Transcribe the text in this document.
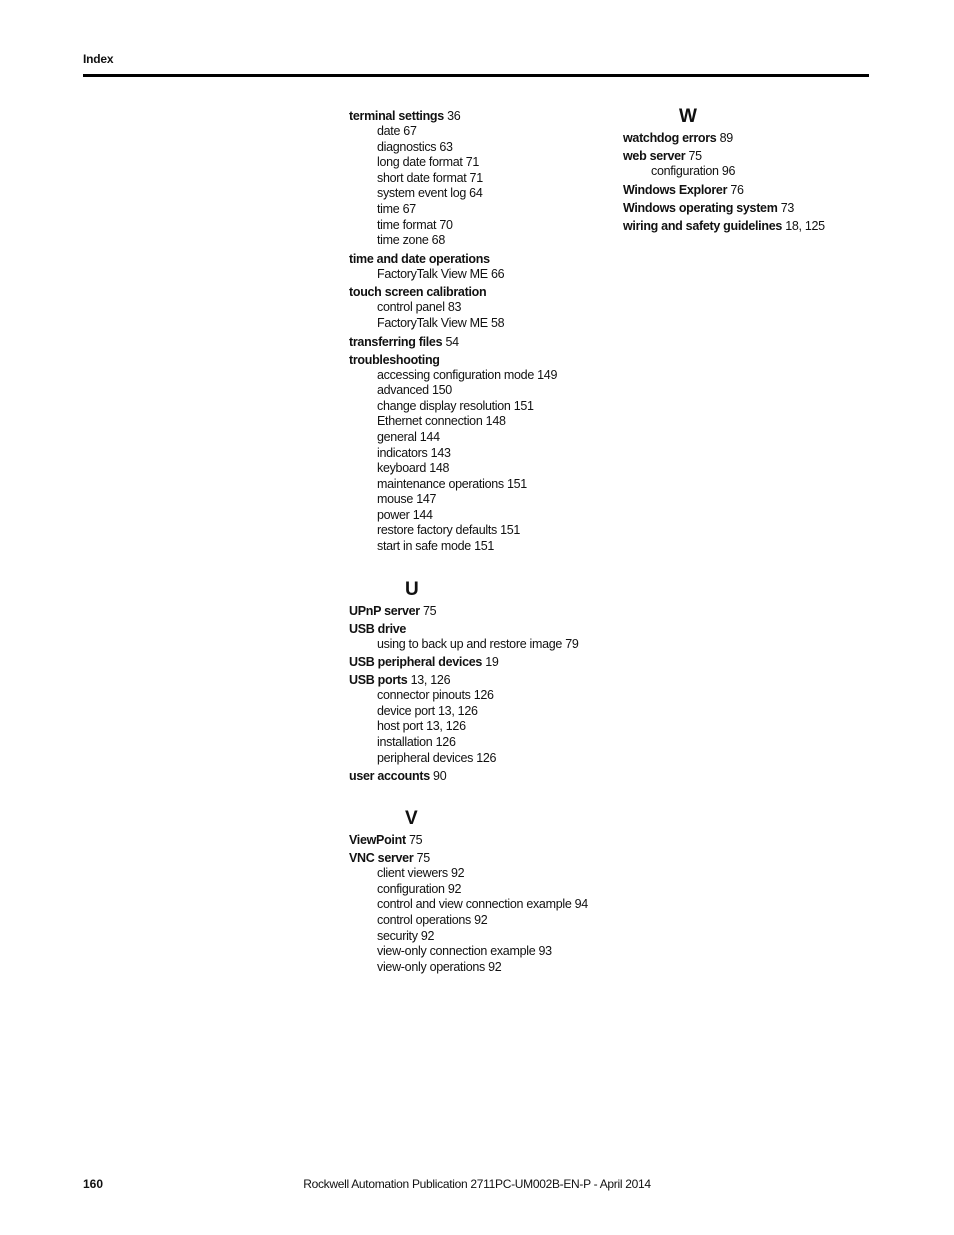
Index
terminal settings 36
date 67
diagnostics 63
long date format 71
short date format 71
system event log 64
time 67
time format 70
time zone 68
time and date operations
FactoryTalk View ME 66
touch screen calibration
control panel 83
FactoryTalk View ME 58
transferring files 54
troubleshooting
accessing configuration mode 149
advanced 150
change display resolution 151
Ethernet connection 148
general 144
indicators 143
keyboard 148
maintenance operations 151
mouse 147
power 144
restore factory defaults 151
start in safe mode 151
U
UPnP server 75
USB drive
using to back up and restore image 79
USB peripheral devices 19
USB ports 13, 126
connector pinouts 126
device port 13, 126
host port 13, 126
installation 126
peripheral devices 126
user accounts 90
V
ViewPoint 75
VNC server 75
client viewers 92
configuration 92
control and view connection example 94
control operations 92
security 92
view-only connection example 93
view-only operations 92
W
watchdog errors 89
web server 75
configuration 96
Windows Explorer 76
Windows operating system 73
wiring and safety guidelines 18, 125
160	Rockwell Automation Publication 2711PC-UM002B-EN-P - April 2014
